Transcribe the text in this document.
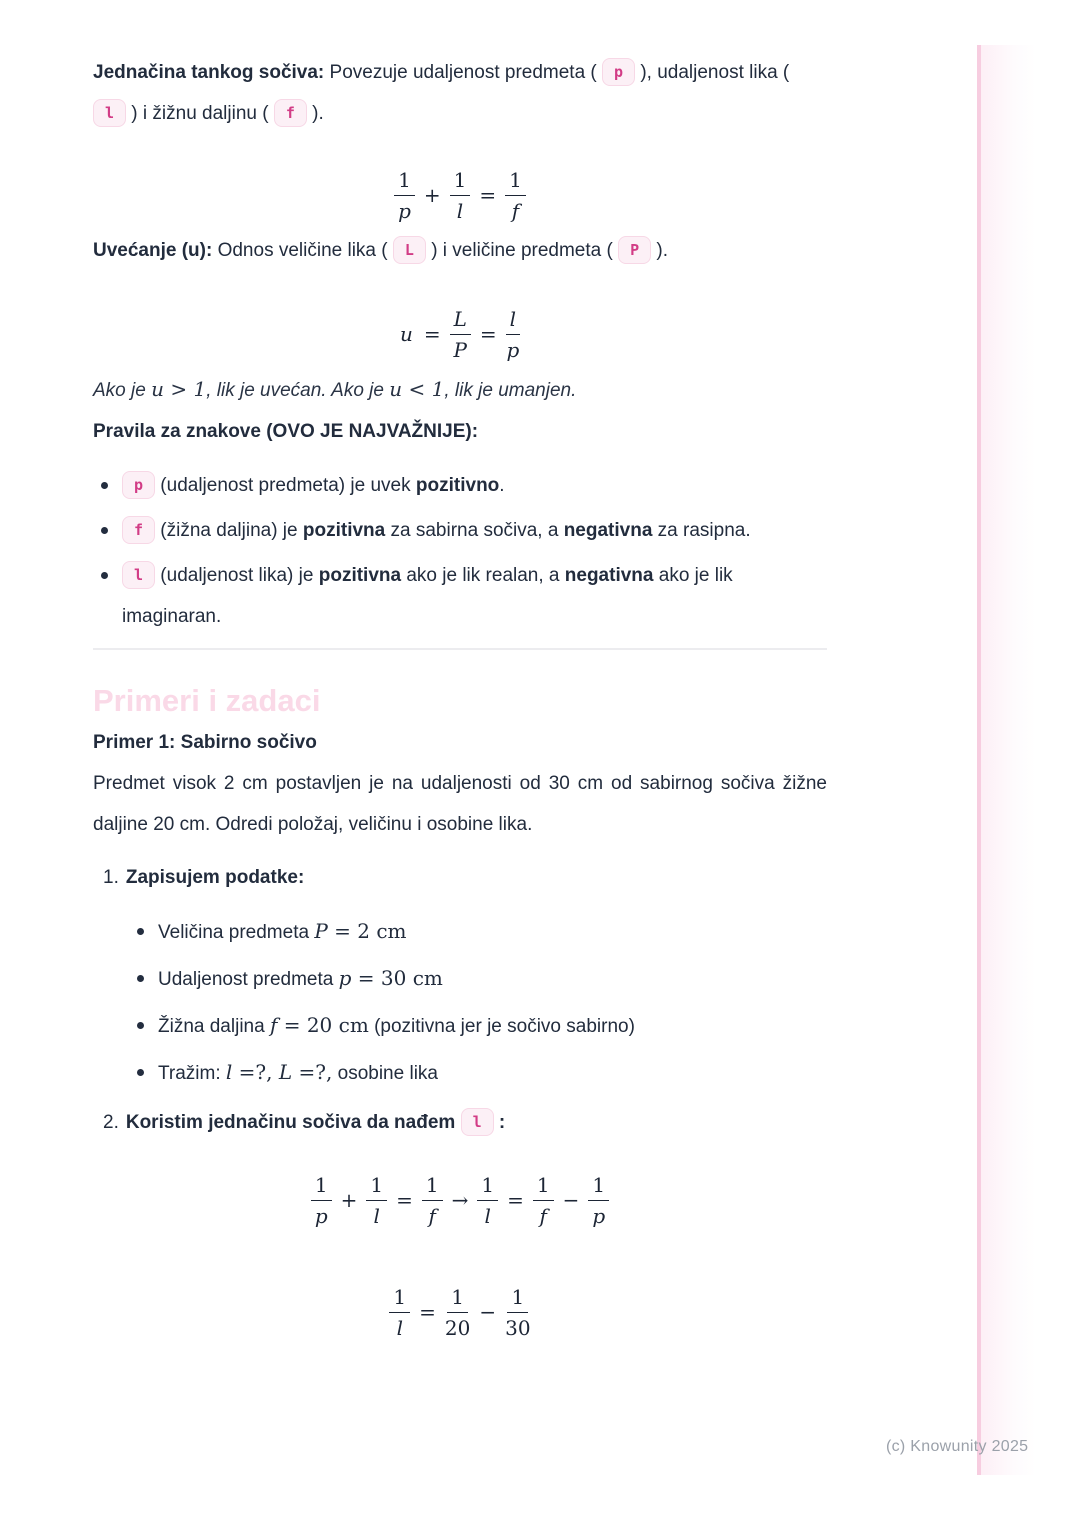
Jednačina tankog sočiva: Povezuje udaljenost predmeta ( p ), udaljenost lika ( l ) i žižnu daljinu ( f ).

$\frac{1}{p} + \frac{1}{l} = \frac{1}{f}$

Uvećanje (u): Odnos veličine lika ( L ) i veličine predmeta ( P ).

$u = \frac{L}{P} = \frac{l}{p}$

Ako je u > 1, lik je uvećan. Ako je u < 1, lik je umanjen.

Pravila za znakove (OVO JE NAJVAŽNIJE):

p (udaljenost predmeta) je uvek pozitivno.
f (žižna daljina) je pozitivna za sabirna sočiva, a negativna za rasipna.
l (udaljenost lika) je pozitivna ako je lik realan, a negativna ako je lik imaginaran.
Primeri i zadaci

Primer 1: Sabirno sočivo

Predmet visok 2 cm postavljen je na udaljenosti od 30 cm od sabirnog sočiva žižne daljine 20 cm. Odredi položaj, veličinu i osobine lika.

1. Zapisujem podatke:
Veličina predmeta P = 2 cm
Udaljenost predmeta p = 30 cm
Žižna daljina f = 20 cm (pozitivna jer je sočivo sabirno)
Tražim: l =?, L =?, osobine lika
2. Koristim jednačinu sočiva da nađem l :
$\frac{1}{p} + \frac{1}{l} = \frac{1}{f} \to \frac{1}{l} = \frac{1}{f} - \frac{1}{p}$
$\frac{1}{l} = \frac{1}{20} - \frac{1}{30}$
(c) Knowunity 2025
